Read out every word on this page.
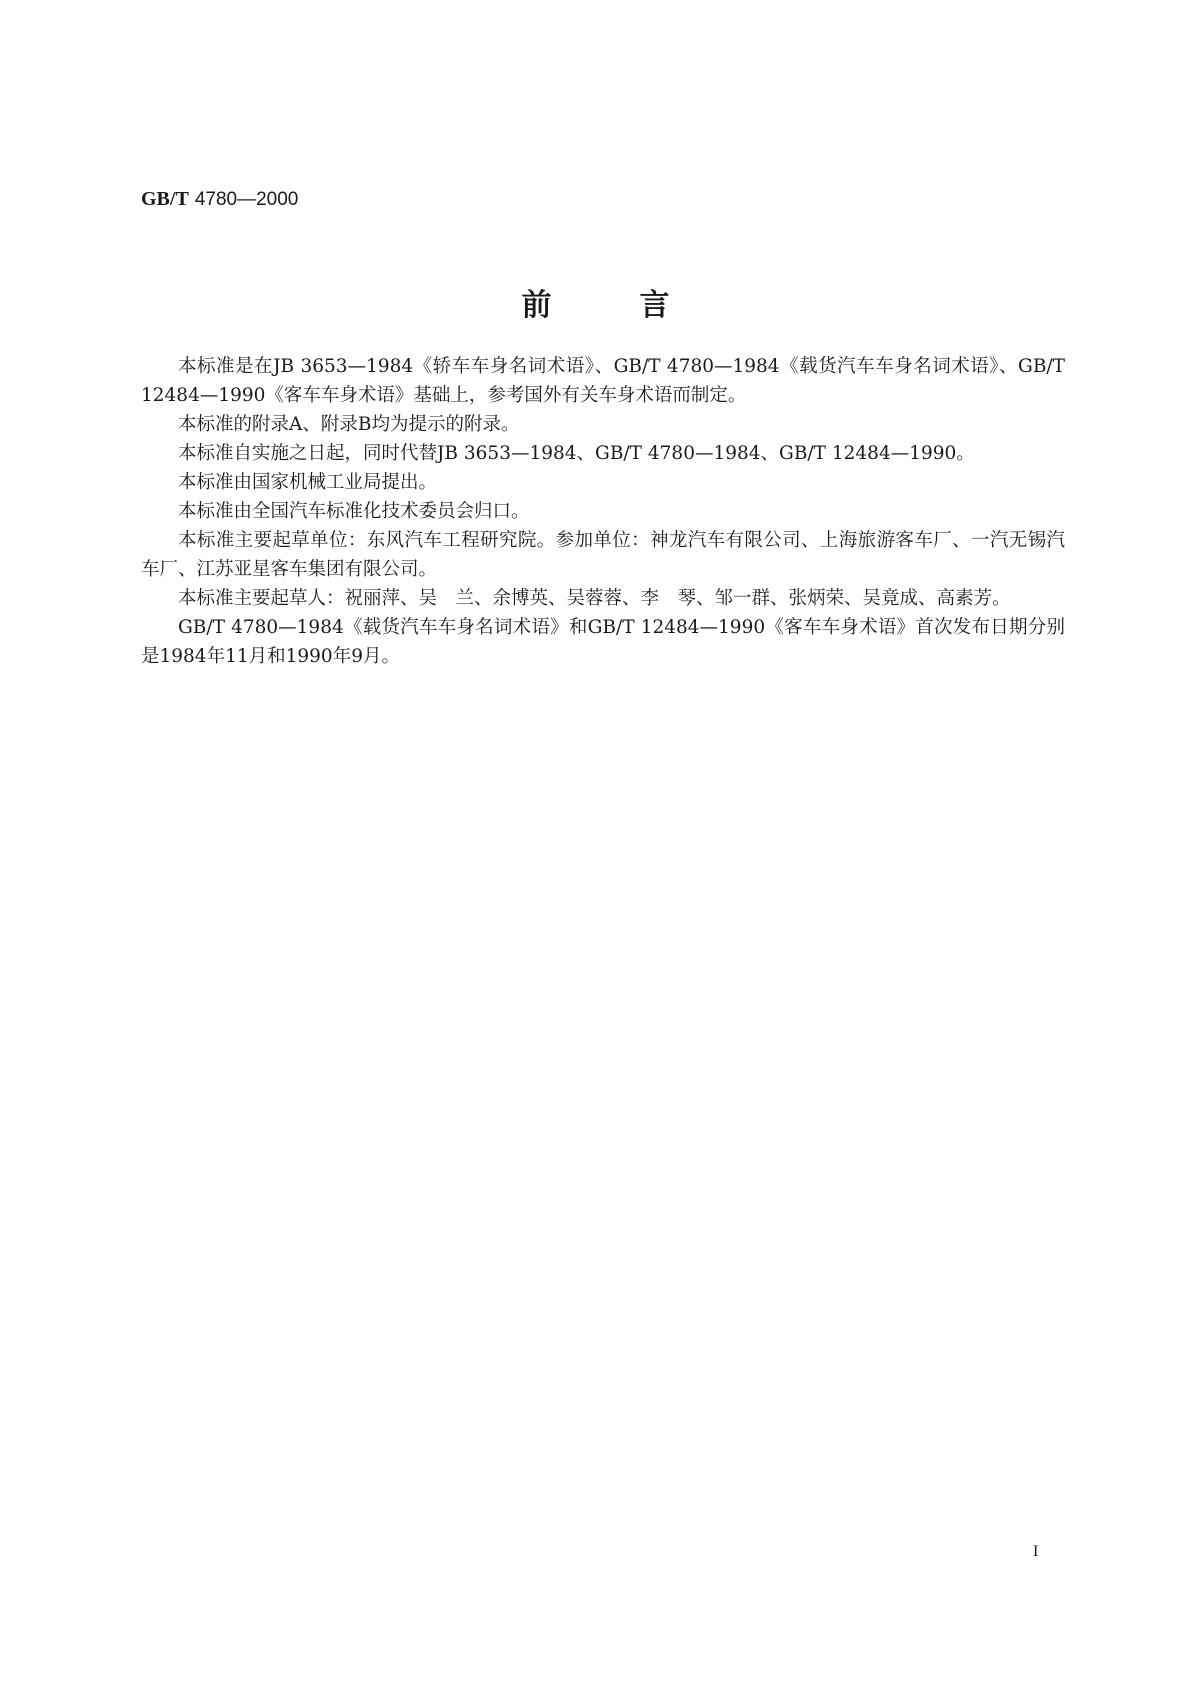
GB/T 4780—2000
前言

本标准是在JB 3653—1984《轿车车身名词术语》、GB/T 4780—1984《载货汽车车身名词术语》、GB/T 12484—1990《客车车身术语》基础上，参考国外有关车身术语而制定。

本标准的附录A、附录B均为提示的附录。

本标准自实施之日起，同时代替JB 3653—1984、GB/T 4780—1984、GB/T 12484—1990。

本标准由国家机械工业局提出。

本标准由全国汽车标准化技术委员会归口。

本标准主要起草单位：东风汽车工程研究院。参加单位：神龙汽车有限公司、上海旅游客车厂、一汽无锡汽车厂、江苏亚星客车集团有限公司。

本标准主要起草人：祝丽萍、吴　兰、余博英、吴蓉蓉、李　琴、邹一群、张炳荣、吴竟成、高素芳。

GB/T 4780—1984《载货汽车车身名词术语》和GB/T 12484—1990《客车车身术语》首次发布日期分别是1984年11月和1990年9月。

I
